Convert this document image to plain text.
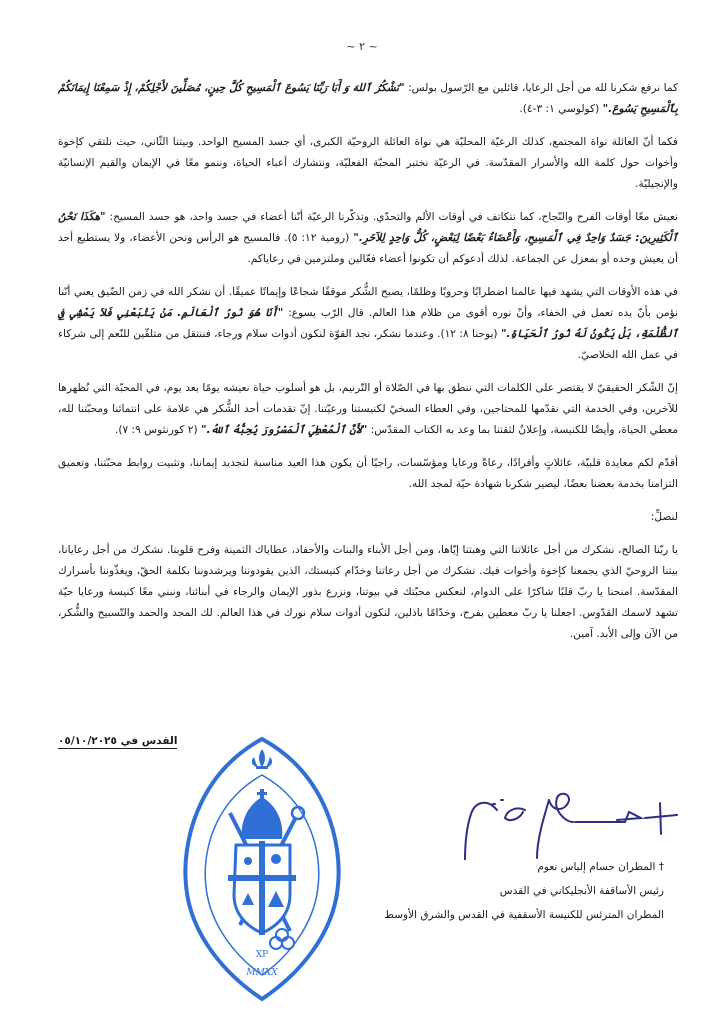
~ ٢ ~

كما نرفع شكرنا لله من أجل الرعايا، قائلين مع الرّسول بولس: "نَشْكُرُ ٱللهَ وَ أَبَا رَبِّنَا يَسُوعَ ٱلْمَسِيحِ كُلَّ حِينٍ، مُصَلِّينَ لأَجْلِكُمْ، إِذْ سَمِعْنَا إِيمَانَكُمْ بِٱلْمَسِيحِ يَسُوعَ." (كولوسي ١: ٣-٤).

فكما أنّ العائلة نواة المجتمع، كذلك الرعيّة المحليّة هي نواة العائلة الروحيّة الكبرى، أي جسد المسيح الواحد. وبيتنا الثّاني، حيث نلتقي كإخوة وأخوات حول كلمة الله والأسرار المقدّسة. في الرعيّة نختبر المحبّة الفعليّة، ونتشارك أعباء الحياة، وننمو معًا في الإيمان والقيم الإنسانيّة والإنجيليّة.

نعيش معًا أوقات الفرح والنّجاح، كما نتكاتف في أوقات الألم والتحدّي. وتذكّرنا الرعيّة أنّنا أعضاء في جسد واحد، هو جسد المسيح: "هكَذَا نَحْنُ ٱلْكَثِيرِينَ: جَسَدٌ وَاحِدٌ فِي ٱلْمَسِيحِ، وَأَعْضَاءٌ بَعْضًا لِبَعْضٍ، كُلُّ وَاحِدٍ لِلآخَرِ." (رومية ١٢: ٥). فالمسيح هو الرأس ونحن الأعضاء، ولا يستطيع أحد أن يعيش وحده أو بمعزل عن الجماعة. لذلك أدعوكم أن تكونوا أعضاء فعّالين وملتزمين في رعاياكم.

في هذه الأوقات التي يشهد فيها عالمنا اضطرابًا وحروبًا وظلمًا، يصبح الشُّكر موقفًا شجاعًا وإيمانًا عميقًا. أن نشكر الله في زمن الضّيق يعني أنّنا نؤمن بأنّ يده تعمل في الخفاء، وأنّ نوره أقوى من ظلام هذا العالم. قال الرّب يسوع: "أَنَا هُوَ نُورُ ٱلْعَالَمِ. مَنْ يَتْبَعْنِي فَلاَ يَمْشِي فِي ٱلظُّلْمَةِ، بَلْ يَكُونُ لَهُ نُورُ ٱلْحَيَاةِ." (يوحنا ٨: ١٢). وعندما نشكر، نجد القوّة لنكون أدوات سلام ورجاء، فننتقل من متلقّين للنّعم إلى شركاء في عمل الله الخلاصيّ.

إنّ الشّكر الحقيقيّ لا يقتصر على الكلمات التي ننطق بها في الصّلاة أو التّرنيم، بل هو أسلوب حياة نعيشه يومًا بعد يوم، في المحبّة التي نُظهرها للآخرين، وفي الخدمة التي نقدّمها للمحتاجين، وفي العطاء السخيّ لكنيستنا ورعيّتنا. إنّ تقدمات أحد الشُّكر هي علامة على انتمائنا ومحبّتنا لله، معطي الحياة، وأيضًا للكنيسة، وإعلانٌ لثقتنا بما وعد به الكتاب المقدّس: "لأَنَّ ٱلْمُعْطِيَ ٱلْمَسْرُورَ يُحِبُّهُ ٱللهُ." (٢ كورنثوس ٩: ٧).

أقدّم لكم معايدة قلبيّة، عائلاتٍ وأفرادًا، رعاةً ورعايا ومؤسّسات، راجيًا أن يكون هذا العيد مناسبة لتجديد إيماننا، وتثبيت روابط محبّتنا، وتعميق التزامنا بخدمة بعضنا بعضًا، ليصير شكرنا شهادة حيّة لمجد الله.

لنصلِّ:

يا ربّنا الصالح، نشكرك من أجل عائلاتنا التي وهبتنا إيّاها، ومن أجل الأبناء والبنات والأحفاد، عطاياك الثمينة وفرح قلوبنا. نشكرك من أجل رعايانا، بيتنا الروحيّ الذي يجمعنا كإخوة وأخوات فيك. نشكرك من أجل رعاتنا وخدّام كنيستك، الذين يقودوننا ويرشدوننا بكلمة الحقّ، ويغذّوننا بأسرارك المقدّسة. امنحنا يا ربّ قلبًا شاكرًا على الدوام، لنعكس محبّتك في بيوتنا، ونزرع بذور الإيمان والرجاء في أبنائنا، ونبني معًا كنيسة ورعايا حيّة تشهد لاسمك القدّوس. اجعلنا يا ربّ معطين بفرح، وخدّامًا باذلين، لنكون أدوات سلام نورك في هذا العالم. لك المجد والحمد والتّسبيح والشُّكر، من الآن وإلى الأبد. آمين.

القدس في ٠٥/١٠/٢٠٢٥
XP
MMXX
† المطران حسام إلياس نعوم
رئيس الأساقفة الأنجليكاني في القدس
المطران المترئس للكنيسة الأسقفية في القدس والشرق الأوسط
